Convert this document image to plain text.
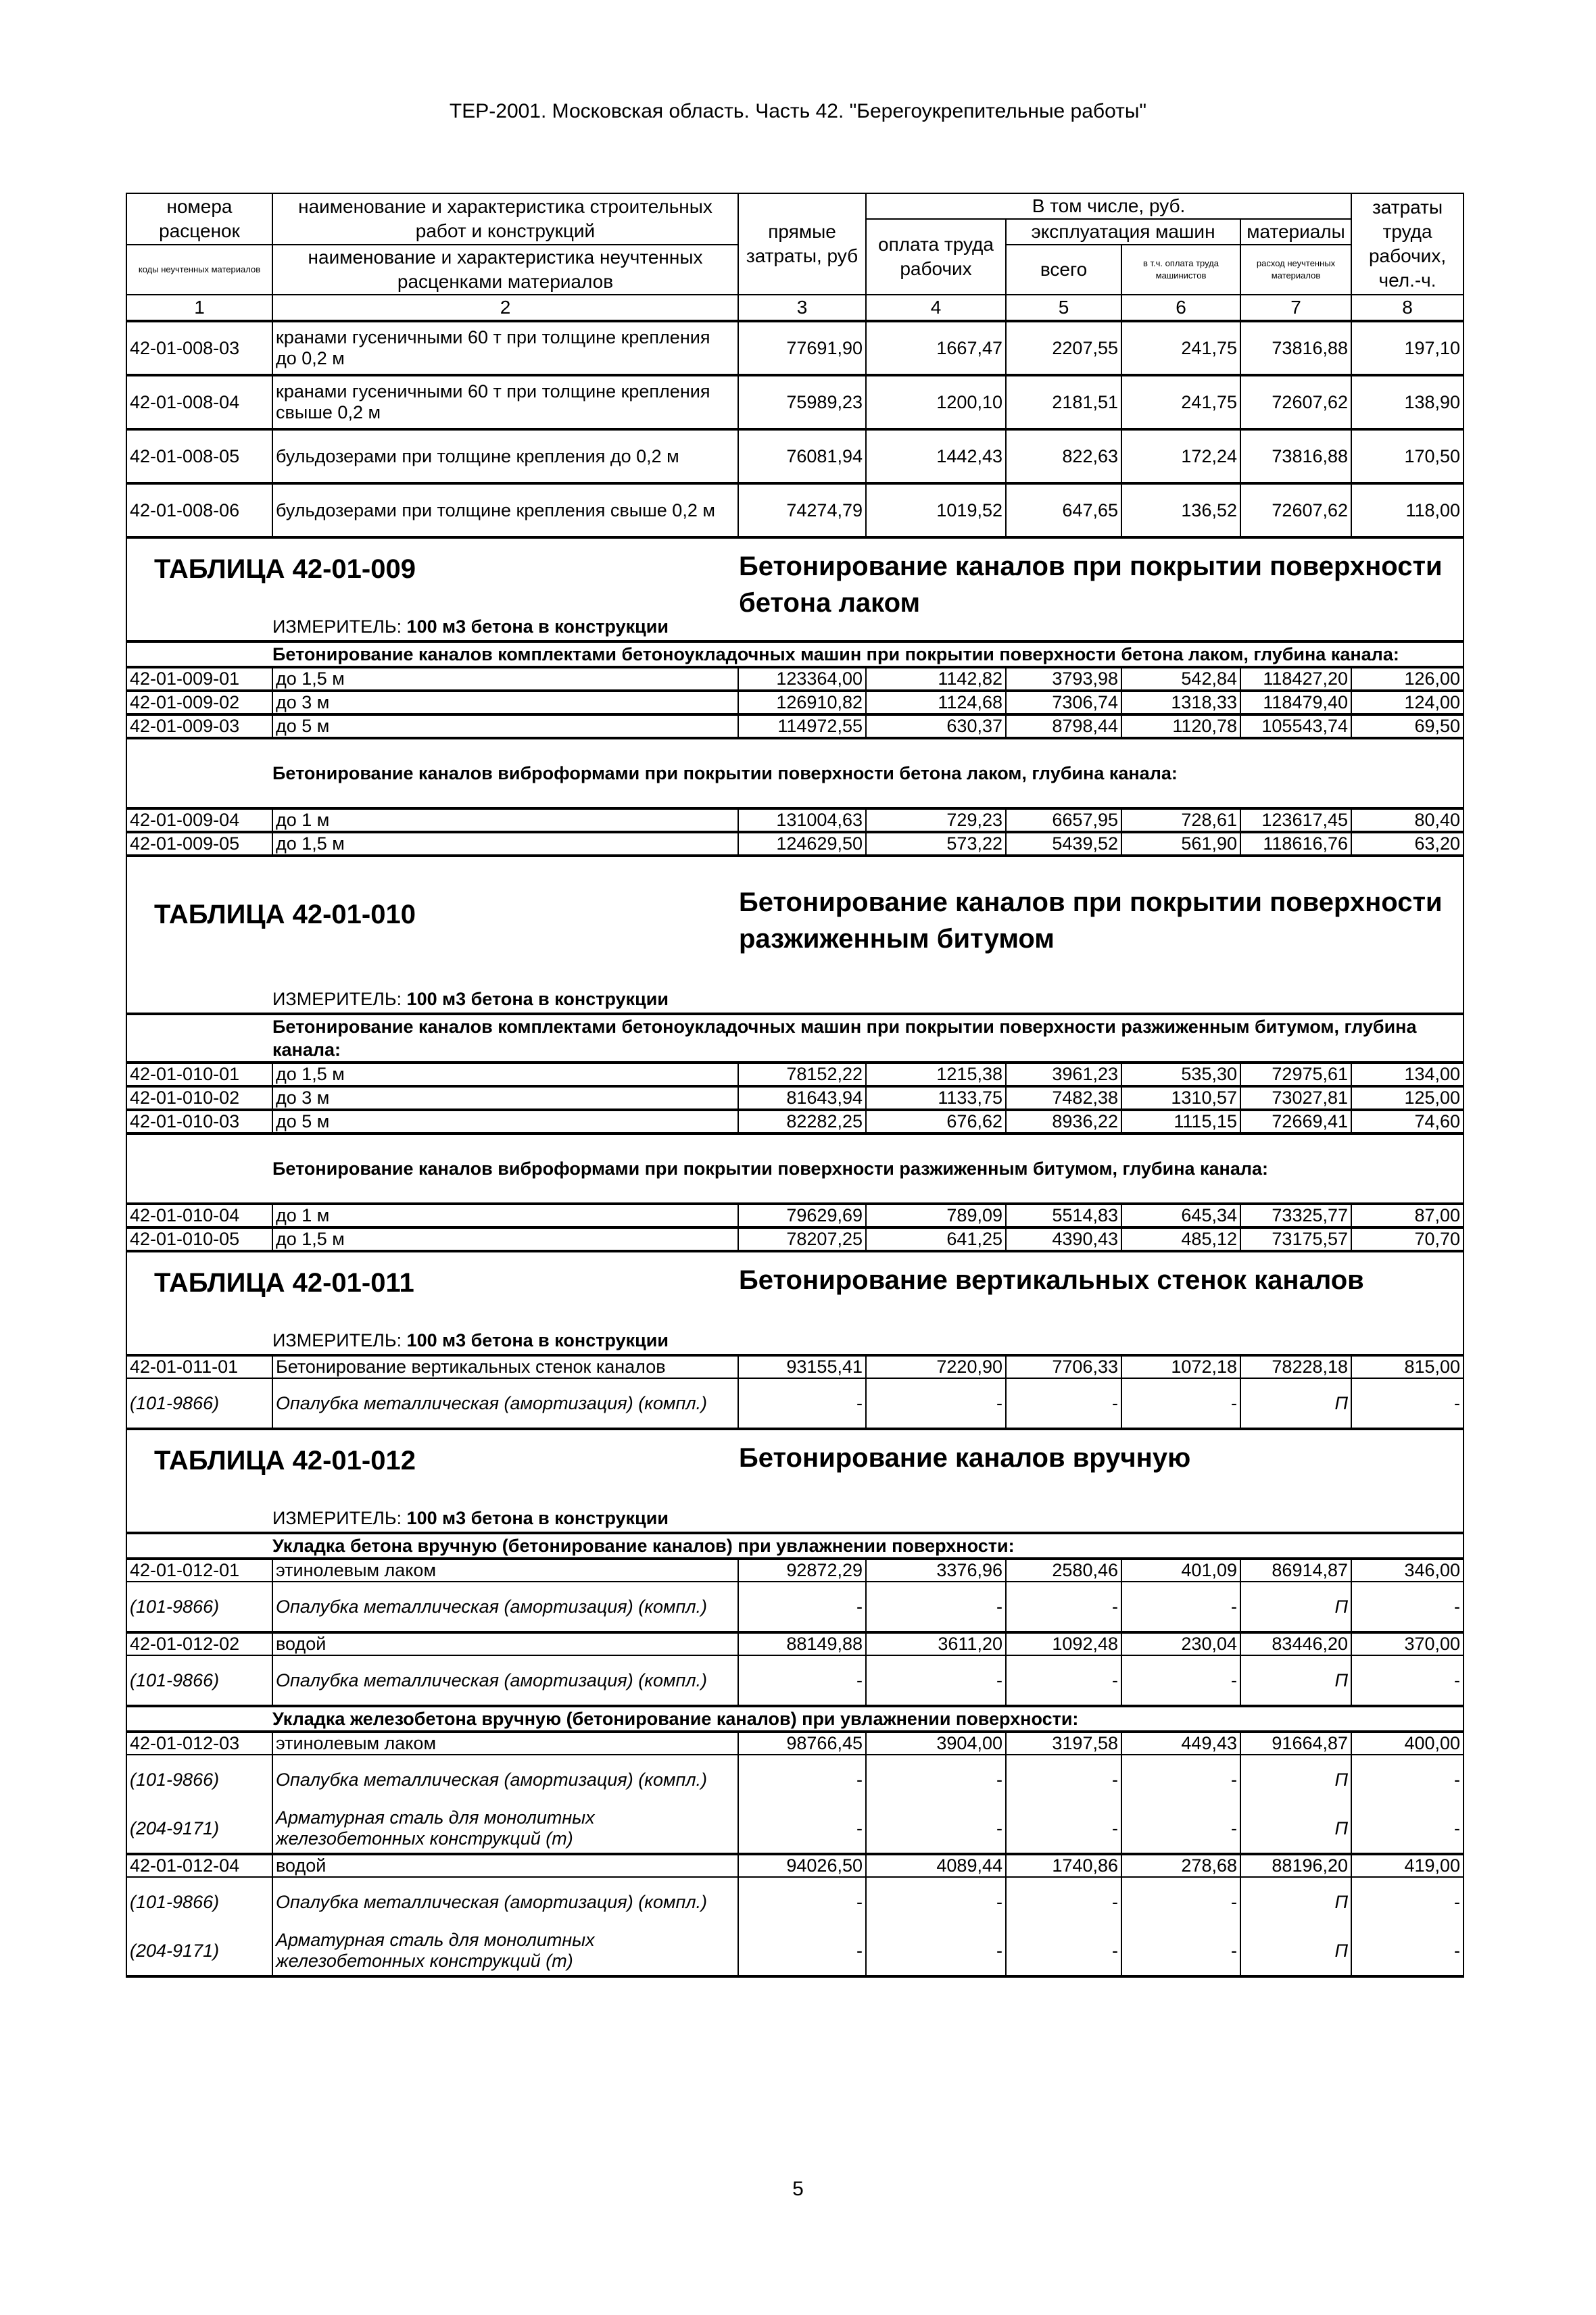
ТЕР-2001. Московская область. Часть 42. "Берегоукрепительные работы"
номера расценок	наименование и характеристика строительных работ и конструкций	прямые затраты, руб	В том числе, руб.				затраты труда рабочих, чел.-ч.
			оплата труда рабочих	эксплуатация машин		материалы	
коды неучтенных материалов	наименование и характеристика неучтенных расценками материалов			всего	в т.ч. оплата труда машинистов	расход неучтенных материалов	

1	2	3	4	5	6	7	8
42-01-008-03	кранами гусеничными 60 т при толщине крепления до 0,2 м	77691,90	1667,47	2207,55	241,75	73816,88	197,10
42-01-008-04	кранами гусеничными 60 т при толщине крепления свыше 0,2 м	75989,23	1200,10	2181,51	241,75	72607,62	138,90
42-01-008-05	бульдозерами при толщине крепления до 0,2 м	76081,94	1442,43	822,63	172,24	73816,88	170,50
42-01-008-06	бульдозерами при толщине крепления свыше 0,2 м	74274,79	1019,52	647,65	136,52	72607,62	118,00

ТАБЛИЦА 42-01-009 Бетонирование каналов при покрытии поверхности бетона лаком
ИЗМЕРИТЕЛЬ: 100 м3 бетона в конструкции							

Бетонирование каналов комплектами бетоноукладочных машин при покрытии поверхности бетона лаком, глубина канала:							
42-01-009-01	до 1,5 м	123364,00	1142,82	3793,98	542,84	118427,20	126,00
42-01-009-02	до 3 м	126910,82	1124,68	7306,74	1318,33	118479,40	124,00
42-01-009-03	до 5 м	114972,55	630,37	8798,44	1120,78	105543,74	69,50
Бетонирование каналов виброформами при покрытии поверхности бетона лаком, глубина канала:							
42-01-009-04	до 1 м	131004,63	729,23	6657,95	728,61	123617,45	80,40
42-01-009-05	до 1,5 м	124629,50	573,22	5439,52	561,90	118616,76	63,20

ТАБЛИЦА 42-01-010 Бетонирование каналов при покрытии поверхности разжиженным битумом
ИЗМЕРИТЕЛЬ: 100 м3 бетона в конструкции							

Бетонирование каналов комплектами бетоноукладочных машин при покрытии поверхности разжиженным битумом, глубина канала:							
42-01-010-01	до 1,5 м	78152,22	1215,38	3961,23	535,30	72975,61	134,00
42-01-010-02	до 3 м	81643,94	1133,75	7482,38	1310,57	73027,81	125,00
42-01-010-03	до 5 м	82282,25	676,62	8936,22	1115,15	72669,41	74,60
Бетонирование каналов виброформами при покрытии поверхности разжиженным битумом, глубина канала:							
42-01-010-04	до 1 м	79629,69	789,09	5514,83	645,34	73325,77	87,00
42-01-010-05	до 1,5 м	78207,25	641,25	4390,43	485,12	73175,57	70,70

ТАБЛИЦА 42-01-011 Бетонирование вертикальных стенок каналов
ИЗМЕРИТЕЛЬ: 100 м3 бетона в конструкции							

42-01-011-01	Бетонирование вертикальных стенок каналов	93155,41	7220,90	7706,33	1072,18	78228,18	815,00
(101-9866)	Опалубка металлическая (амортизация) (компл.)	-	-	-	-	П	-

ТАБЛИЦА 42-01-012 Бетонирование каналов вручную
ИЗМЕРИТЕЛЬ: 100 м3 бетона в конструкции							

Укладка бетона вручную (бетонирование каналов) при увлажнении поверхности:							
42-01-012-01	этинолевым лаком	92872,29	3376,96	2580,46	401,09	86914,87	346,00
(101-9866)	Опалубка металлическая (амортизация) (компл.)	-	-	-	-	П	-
42-01-012-02	водой	88149,88	3611,20	1092,48	230,04	83446,20	370,00
(101-9866)	Опалубка металлическая (амортизация) (компл.)	-	-	-	-	П	-
Укладка железобетона вручную (бетонирование каналов) при увлажнении поверхности:							
42-01-012-03	этинолевым лаком	98766,45	3904,00	3197,58	449,43	91664,87	400,00
(101-9866)	Опалубка металлическая (амортизация) (компл.)	-	-	-	-	П	-
(204-9171)	Арматурная сталь для монолитных железобетонных конструкций (т)	-	-	-	-	П	-
42-01-012-04	водой	94026,50	4089,44	1740,86	278,68	88196,20	419,00
(101-9866)	Опалубка металлическая (амортизация) (компл.)	-	-	-	-	П	-
(204-9171)	Арматурная сталь для монолитных железобетонных конструкций (т)	-	-	-	-	П	-
5
